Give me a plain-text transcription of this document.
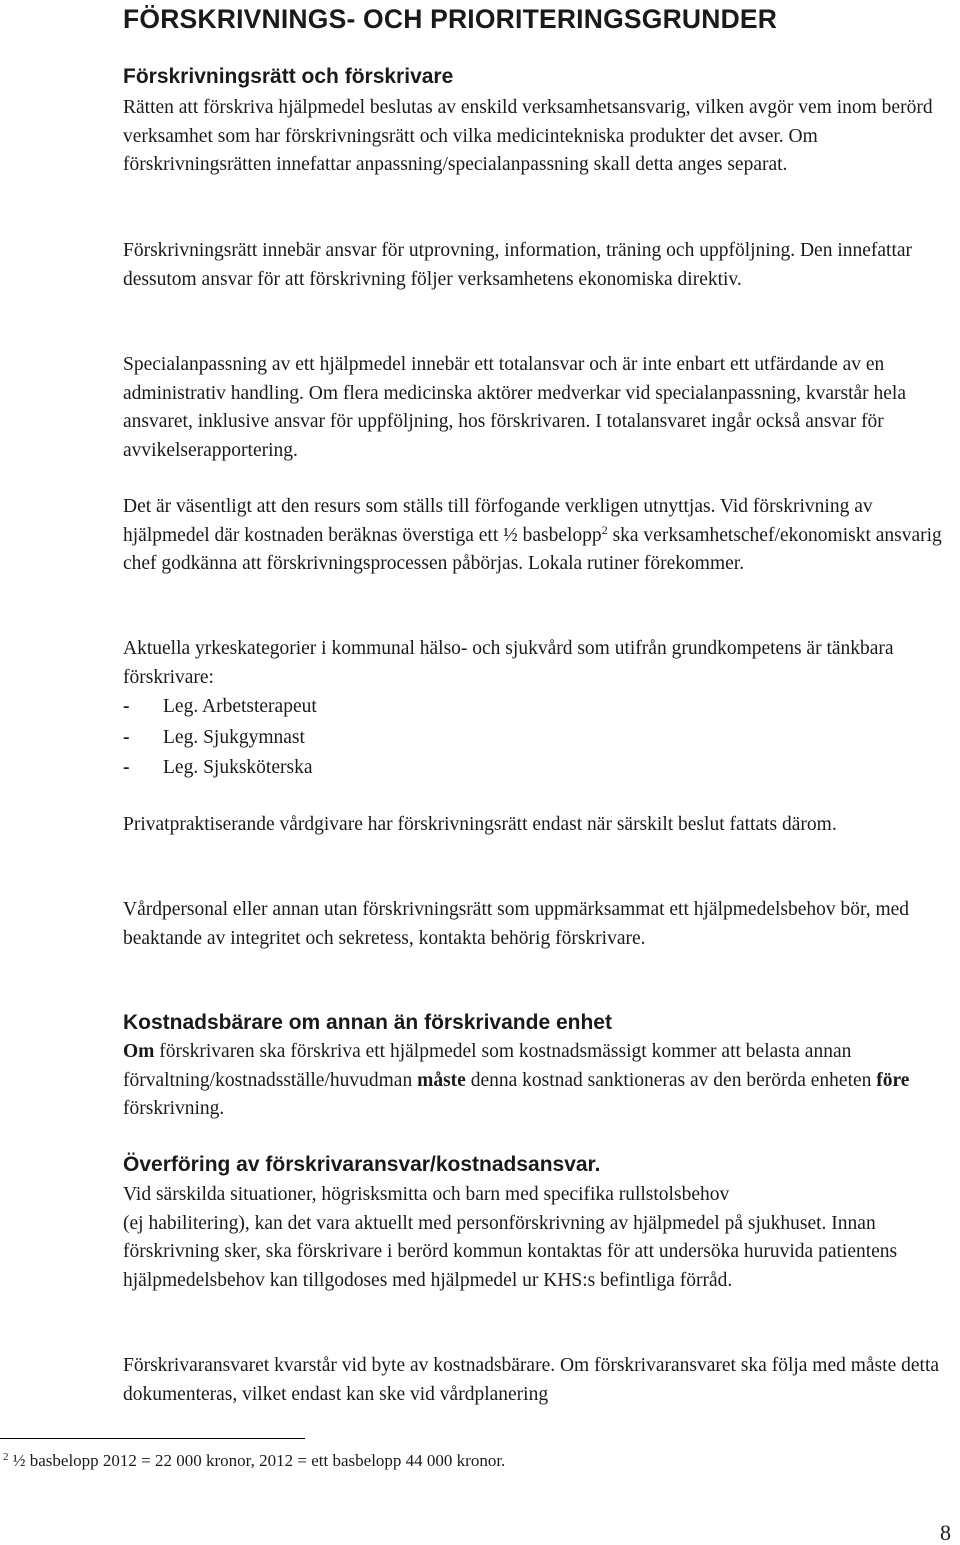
FÖRSKRIVNINGS- OCH PRIORITERINGSGRUNDER
Förskrivningsrätt och förskrivare

Rätten att förskriva hjälpmedel beslutas av enskild verksamhetsansvarig, vilken avgör vem inom berörd verksamhet som har förskrivningsrätt och vilka medicintekniska produkter det avser. Om förskrivningsrätten innefattar anpassning/specialanpassning skall detta anges separat.

Förskrivningsrätt innebär ansvar för utprovning, information, träning och uppföljning. Den innefattar dessutom ansvar för att förskrivning följer verksamhetens ekonomiska direktiv.

Specialanpassning av ett hjälpmedel innebär ett totalansvar och är inte enbart ett utfärdande av en administrativ handling. Om flera medicinska aktörer medverkar vid specialanpassning, kvarstår hela ansvaret, inklusive ansvar för uppföljning, hos förskrivaren. I totalansvaret ingår också ansvar för avvikelserapportering.

Det är väsentligt att den resurs som ställs till förfogande verkligen utnyttjas. Vid förskrivning av hjälpmedel där kostnaden beräknas överstiga ett ½ basbelopp$^2$ ska verksamhetschef/ekonomiskt ansvarig chef godkänna att förskrivningsprocessen påbörjas. Lokala rutiner förekommer.

Aktuella yrkeskategorier i kommunal hälso- och sjukvård som utifrån grundkompetens är tänkbara förskrivare:

- Leg. Arbetsterapeut
- Leg. Sjukgymnast
- Leg. Sjuksköterska

Privatpraktiserande vårdgivare har förskrivningsrätt endast när särskilt beslut fattats därom.

Vårdpersonal eller annan utan förskrivningsrätt som uppmärksammat ett hjälpmedelsbehov bör, med beaktande av integritet och sekretess, kontakta behörig förskrivare.

Kostnadsbärare om annan än förskrivande enhet

Om förskrivaren ska förskriva ett hjälpmedel som kostnadsmässigt kommer att belasta annan förvaltning/kostnadsställe/huvudman måste denna kostnad sanktioneras av den berörda enheten före förskrivning.

Överföring av förskrivaransvar/kostnadsansvar.

Vid särskilda situationer, högrisksmitta och barn med specifika rullstolsbehov
(ej habilitering), kan det vara aktuellt med personförskrivning av hjälpmedel på sjukhuset. Innan förskrivning sker, ska förskrivare i berörd kommun kontaktas för att undersöka huruvida patientens hjälpmedelsbehov kan tillgodoses med hjälpmedel ur KHS:s befintliga förråd.

Förskrivaransvaret kvarstår vid byte av kostnadsbärare. Om förskrivaransvaret ska följa med måste detta dokumenteras, vilket endast kan ske vid vårdplanering

$^2$ ½ basbelopp 2012 = 22 000 kronor, 2012 = ett basbelopp 44 000 kronor.

8
